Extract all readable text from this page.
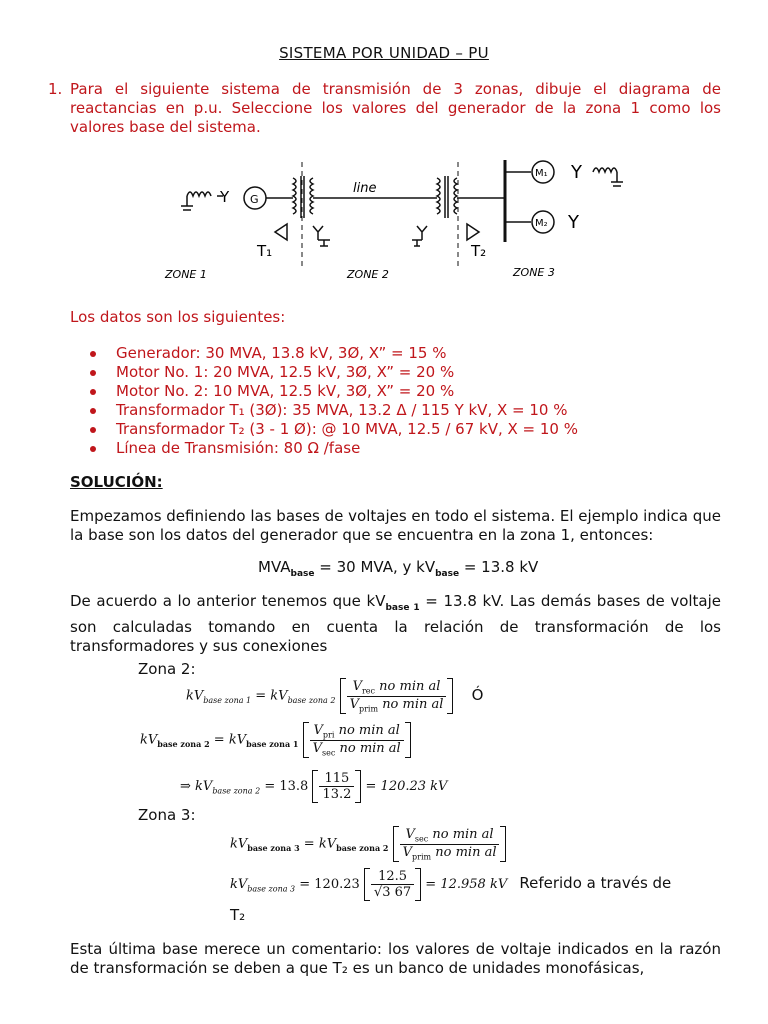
SISTEMA POR UNIDAD – PU
1. Para el siguiente sistema de transmisión de 3 zonas, dibuje el diagrama de reactancias en p.u. Seleccione los valores del generador de la zona 1 como los valores base del sistema.
Y G
line
M₁
M₂
Y
Y
T₁	T₂
ZONE 1	ZONE 2	ZONE 3
Los datos son los siguientes:
Generador: 30 MVA, 13.8 kV, 3Ø, X” = 15 %
Motor No. 1: 20 MVA, 12.5 kV, 3Ø, X” = 20 %
Motor No. 2: 10 MVA, 12.5 kV, 3Ø, X” = 20 %
Transformador T₁ (3Ø): 35 MVA, 13.2 Δ / 115 Y kV, X = 10 %
Transformador T₂ (3 - 1 Ø): @ 10 MVA, 12.5 / 67 kV, X = 10 %
Línea de Transmisión: 80 Ω /fase
SOLUCIÓN:
Empezamos definiendo las bases de voltajes en todo el sistema. El ejemplo indica que la base son los datos del generador que se encuentra en la zona 1, entonces:
$MVA_{base} = 30$ MVA, y $kV_{base} = 13.8$ kV
De acuerdo a lo anterior tenemos que $kV_{base 1} = 13.8$ kV. Las demás bases de voltaje son calculadas tomando en cuenta la relación de transformación de los transformadores y sus conexiones
Zona 2:
$kV_{base zona 1} = kV_{base zona 2} \frac{V_{rec} no \min al}{V_{prim} no \min al}$ Ó
$kV_{base zona 2} = kV_{base zona 1} \frac{V_{pri} no \min al}{V_{sec} no \min al}$
⇒ $kV_{base zona 2} = 13.8 \frac{115}{13.2} = 120.23$ kV
Zona 3:
$kV_{base zona 3} = kV_{base zona 2} \frac{V_{sec} no \min al}{V_{prim} no \min al}$
$kV_{base zona 3} = 120.23 \frac{12.5}{√3 67} = 12.958$ kV Referido a través de
T₂
Esta última base merece un comentario: los valores de voltaje indicados en la razón de transformación se deben a que T₂ es un banco de unidades monofásicas,
